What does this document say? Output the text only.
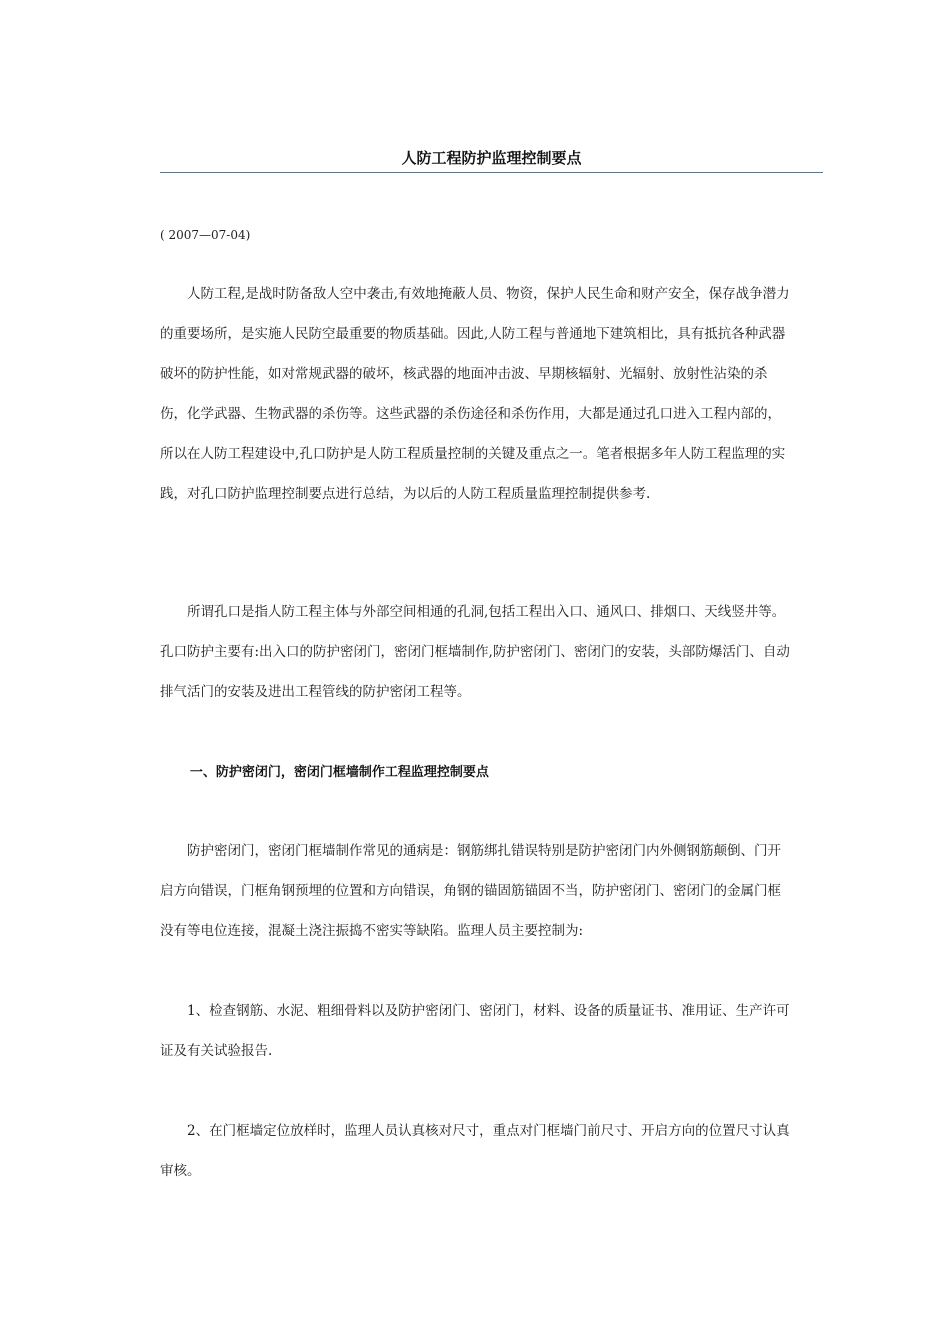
人防工程防护监理控制要点
( 2007—07-04)

人防工程,是战时防备敌人空中袭击,有效地掩蔽人员、物资，保护人民生命和财产安全，保存战争潜力的重要场所，是实施人民防空最重要的物质基础。因此,人防工程与普通地下建筑相比，具有抵抗各种武器破坏的防护性能，如对常规武器的破坏，核武器的地面冲击波、早期核辐射、光辐射、放射性沾染的杀伤，化学武器、生物武器的杀伤等。这些武器的杀伤途径和杀伤作用，大都是通过孔口进入工程内部的，所以在人防工程建设中,孔口防护是人防工程质量控制的关键及重点之一。笔者根据多年人防工程监理的实践，对孔口防护监理控制要点进行总结，为以后的人防工程质量监理控制提供参考.

所谓孔口是指人防工程主体与外部空间相通的孔洞,包括工程出入口、通风口、排烟口、天线竖井等。孔口防护主要有:出入口的防护密闭门，密闭门框墙制作,防护密闭门、密闭门的安装，头部防爆活门、自动排气活门的安装及进出工程管线的防护密闭工程等。

一、防护密闭门，密闭门框墙制作工程监理控制要点

防护密闭门，密闭门框墙制作常见的通病是：钢筋绑扎错误特别是防护密闭门内外侧钢筋颠倒、门开启方向错误，门框角钢预埋的位置和方向错误，角钢的锚固筋锚固不当，防护密闭门、密闭门的金属门框没有等电位连接，混凝土浇注振捣不密实等缺陷。监理人员主要控制为:

1、检查钢筋、水泥、粗细骨料以及防护密闭门、密闭门，材料、设备的质量证书、准用证、生产许可证及有关试验报告.

2、在门框墙定位放样时，监理人员认真核对尺寸，重点对门框墙门前尺寸、开启方向的位置尺寸认真审核。
